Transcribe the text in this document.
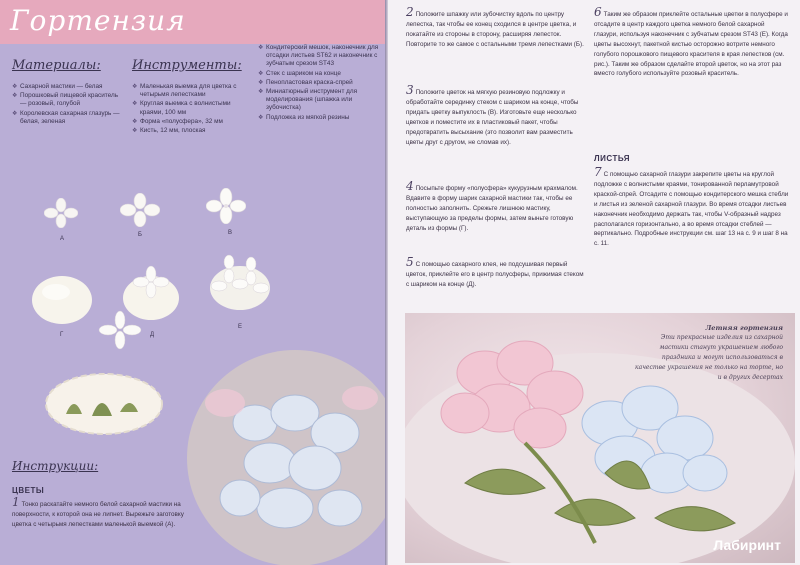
Гортензия
Материалы:
❖ Сахарной мастики — белая
❖ Порошковый пищевой краситель — розовый, голубой
❖ Королевская сахарная глазурь — белая, зеленая
Инструменты:
❖ Маленькая выемка для цветка с четырьмя лепестками
❖ Круглая выемка с волнистыми краями, 100 мм
❖ Форма «полусфера», 32 мм
❖ Кисть, 12 мм, плоская
❖ Кондитерский мешок, наконечник для отсадки листьев ST62 и наконечник с зубчатым срезом ST43
❖ Стек с шариком на конце
❖ Пенопластовая краска-спрей
❖ Миниатюрный инструмент для моделирования (шпажка или зубочистка)
❖ Подложка из мягкой резины
А
Б	В
Г	Д
Е
Инструкции:
ЦВЕТЫ
1 Тонко раскатайте немного белой сахарной мастики на поверхности, к которой она не липнет. Вырежьте заготовку цветка с четырьмя лепестками маленькой выемкой (А).
2 Положите шпажку или зубочистку вдоль по центру лепестка, так чтобы ее конец сходился в центре цветка, и покатайте из стороны в сторону, расширяя лепесток. Повторите то же самое с остальными тремя лепестками (Б).
3 Положите цветок на мягкую резиновую подложку и обработайте серединку стеком с шариком на конце, чтобы придать цветку выпуклость (В). Изготовьте еще несколько цветков и поместите их в пластиковый пакет, чтобы предотвратить высыхание (это позволит вам разместить цветы друг с другом, не сломав их).
4 Посыпьте форму «полусфера» кукурузным крахмалом. Вдавите в форму шарик сахарной мастики так, чтобы ее полностью заполнить. Срежьте лишнюю мастику, выступающую за пределы формы, затем выньте готовую деталь из формы (Г).
5 С помощью сахарного клея, не подсушивая первый цветок, приклейте его в центр полусферы, прижимая стеком с шариком на конце (Д).
6 Таким же образом приклейте остальные цветки в полусфере и отсадите в центр каждого цветка немного белой сахарной глазури, используя наконечник с зубчатым срезом ST43 (Е). Когда цветы высохнут, пакетной кистью осторожно вотрите немного голубого порошкового пищевого красителя в края лепестков (см. рис.). Таким же образом сделайте второй цветок, но на этот раз вместо голубого используйте розовый краситель.
ЛИСТЬЯ
7 С помощью сахарной глазури закрепите цветы на круглой подложке с волнистыми краями, тонированной перламутровой краской-спрей. Отсадите с помощью кондитерского мешка стебли и листья из зеленой сахарной глазури. Во время отсадки листьев наконечник необходимо держать так, чтобы V-образный надрез располагался горизонтально, а во время отсадки стеблей — вертикально. Подробные инструкции см. шаг 13 на с. 9 и шаг 8 на с. 11.
Летняя гортензия
Эти прекрасные изделия из сахарной мастики станут украшением любого праздника и могут использоваться в качестве украшения не только на торте, но и в других десертах
Лабиринт
